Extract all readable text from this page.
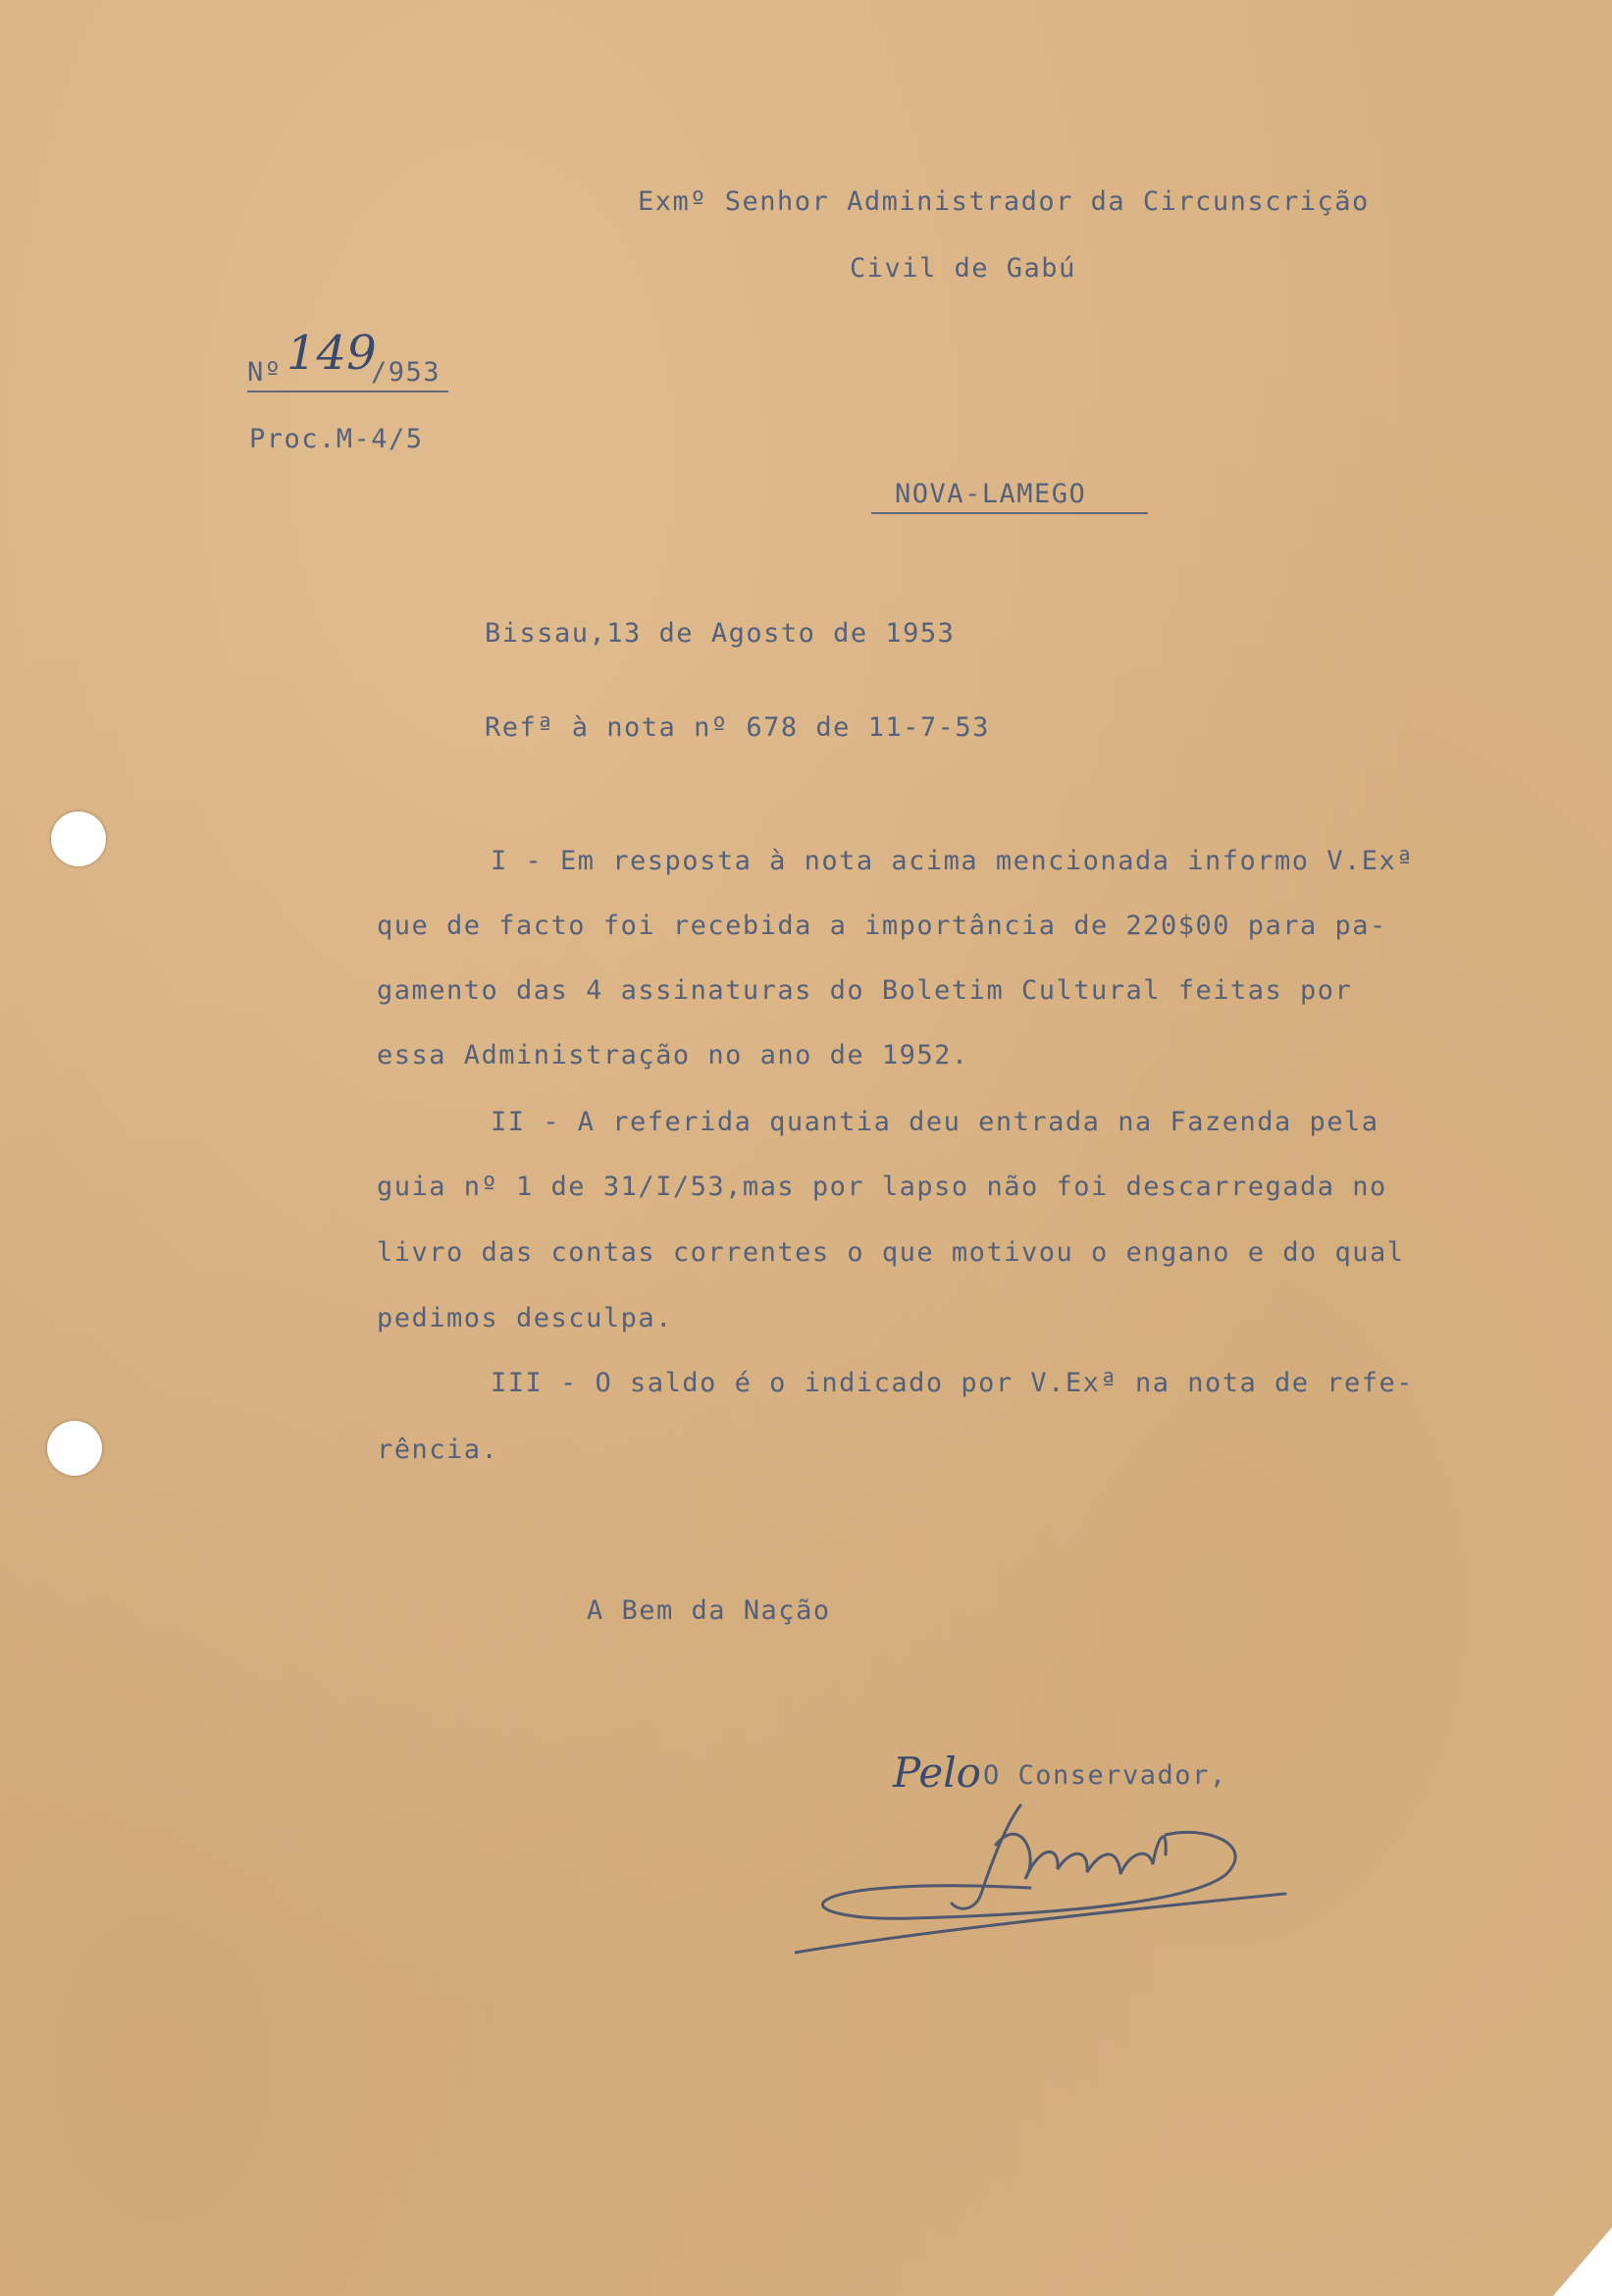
Exmº Senhor Administrador da Circunscrição
Civil de Gabú
Nº 149
/953
Proc.M-4/5
NOVA-LAMEGO
Bissau,13 de Agosto de 1953
Refª à nota nº 678 de 11-7-53
I - Em resposta à nota acima mencionada informo V.Exª
que de facto foi recebida a importância de 220$00 para pa-
gamento das 4 assinaturas do Boletim Cultural feitas por
essa Administração no ano de 1952.
II - A referida quantia deu entrada na Fazenda pela
guia nº 1 de 31/I/53,mas por lapso não foi descarregada no
livro das contas correntes o que motivou o engano e do qual
pedimos desculpa.
III - O saldo é o indicado por V.Exª na nota de refe-
rência.
A Bem da Nação
Pelo O Conservador,
